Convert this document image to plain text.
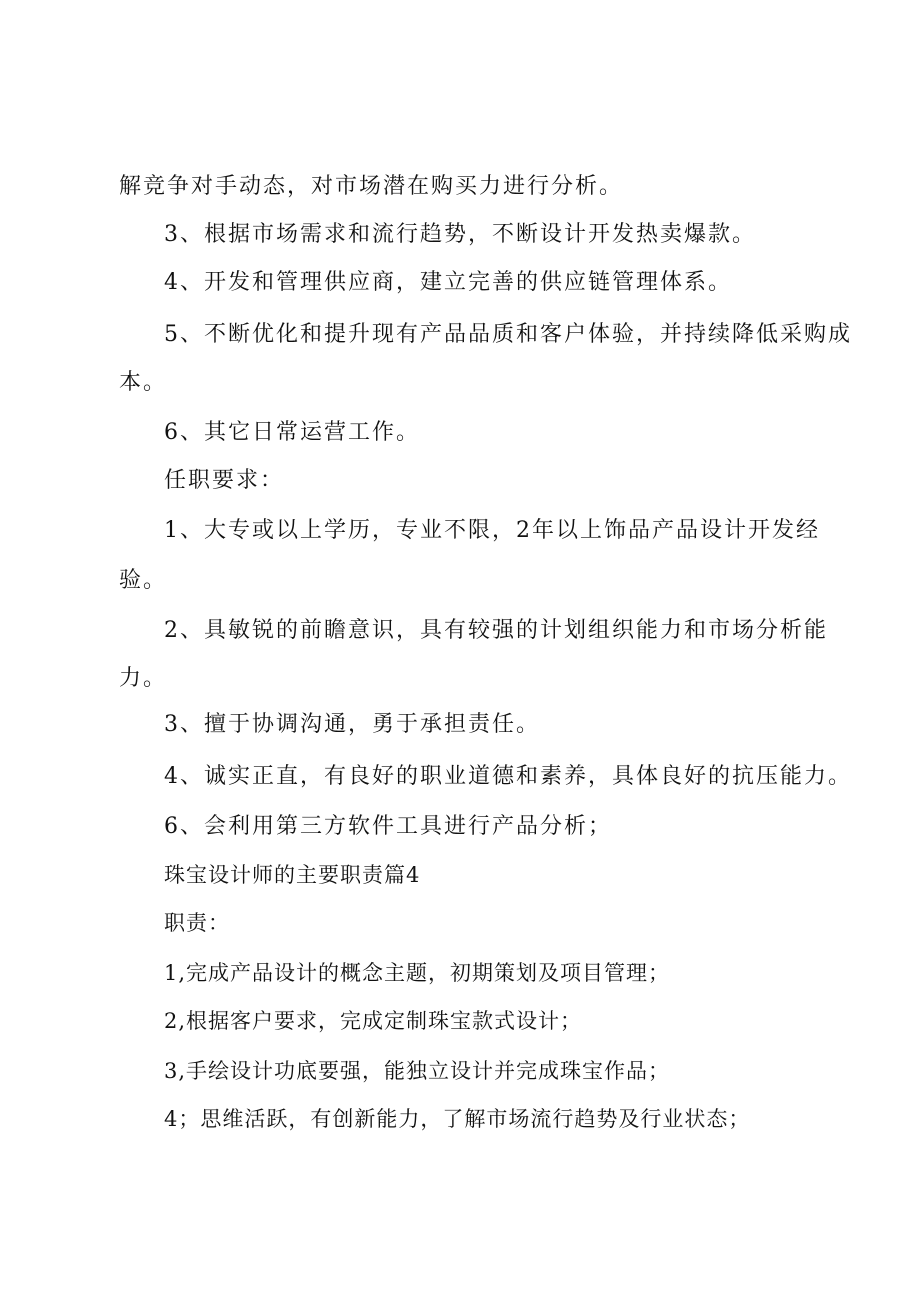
解竞争对手动态，对市场潜在购买力进行分析。
3、根据市场需求和流行趋势，不断设计开发热卖爆款。
4、开发和管理供应商，建立完善的供应链管理体系。
5、不断优化和提升现有产品品质和客户体验，并持续降低采购成
本。
6、其它日常运营工作。
任职要求：
1、大专或以上学历，专业不限，2年以上饰品产品设计开发经
验。
2、具敏锐的前瞻意识，具有较强的计划组织能力和市场分析能
力。
3、擅于协调沟通，勇于承担责任。
4、诚实正直，有良好的职业道德和素养，具体良好的抗压能力。
6、会利用第三方软件工具进行产品分析；
珠宝设计师的主要职责篇4
职责：
1,完成产品设计的概念主题，初期策划及项目管理；
2,根据客户要求，完成定制珠宝款式设计；
3,手绘设计功底要强，能独立设计并完成珠宝作品；
4；思维活跃，有创新能力，了解市场流行趋势及行业状态；
